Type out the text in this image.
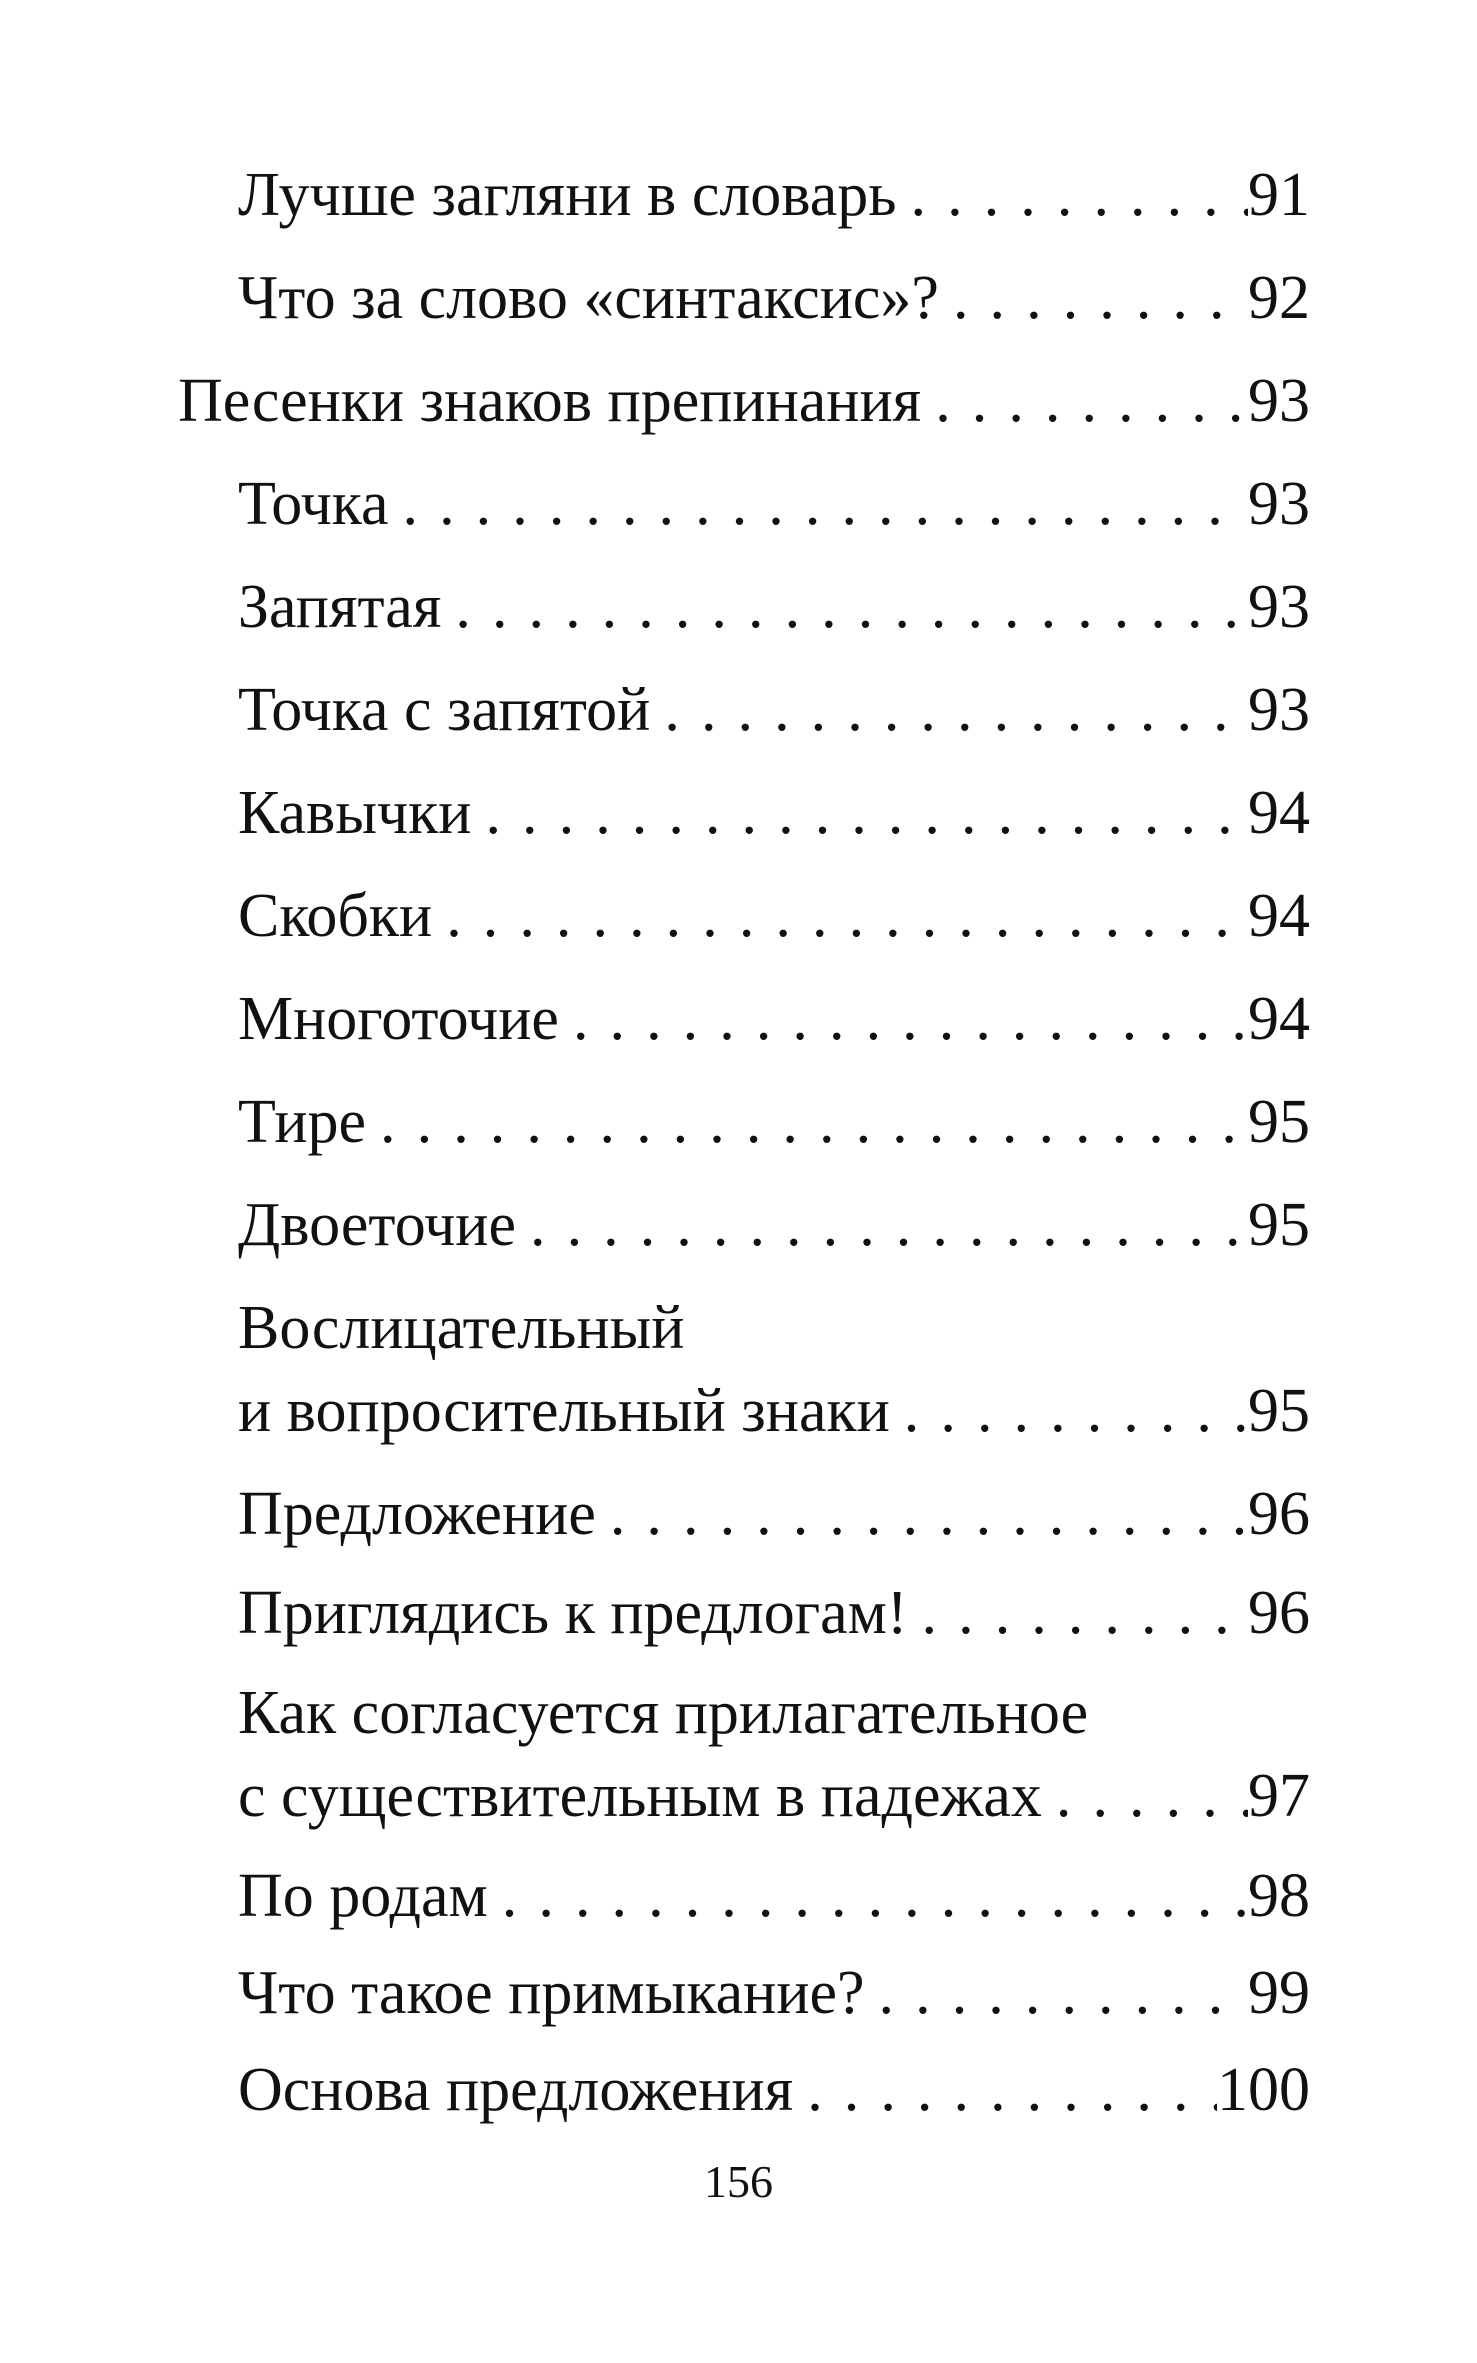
Лучше загляни в словарь . . .	91
Что за слово «синтаксис»? . . .	92
Песенки знаков препинания . . .	93
Точка . . .	93
Запятая . . .	93
Точка с запятой . . .	93
Кавычки . . .	94
Скобки . . .	94
Многоточие . . .	94
Тире . . .	95
Двоеточие . . .	95
Вослицательный
и вопросительный знаки . . .	95
Предложение . . .	96
Приглядись к предлогам! . . .	96
Как согласуется прилагательное
с существительным в падежах . . .	97
По родам . . .	98
Что такое примыкание? . . .	99
Основа предложения . . .	100
156
